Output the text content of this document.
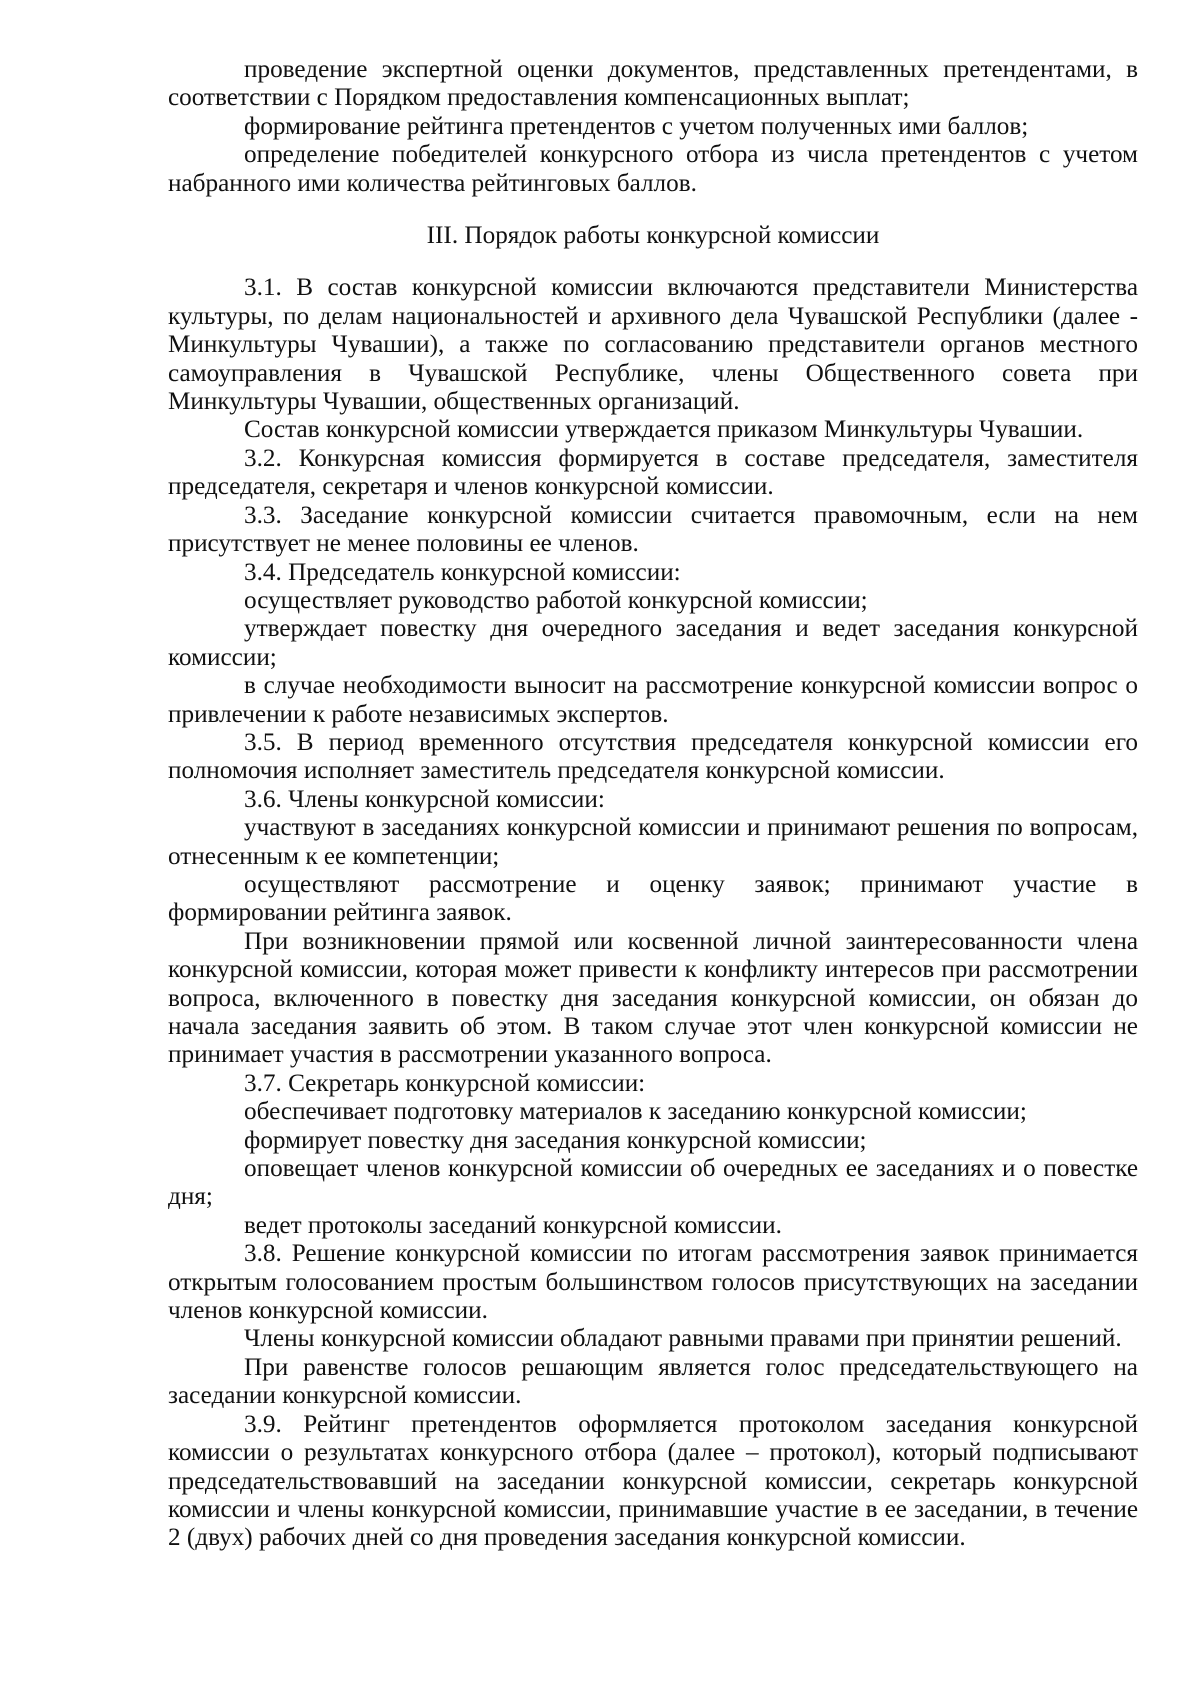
проведение экспертной оценки документов, представленных претендентами, в соответствии с Порядком предоставления компенсационных выплат;

формирование рейтинга претендентов с учетом полученных ими баллов;

определение победителей конкурсного отбора из числа претендентов с учетом набранного ими количества рейтинговых баллов.

III. Порядок работы конкурсной комиссии

3.1. В состав конкурсной комиссии включаются представители Министерства культуры, по делам национальностей и архивного дела Чувашской Республики (далее - Минкультуры Чувашии), а также по согласованию представители органов местного самоуправления в Чувашской Республике, члены Общественного совета при Минкультуры Чувашии, общественных организаций.

Состав конкурсной комиссии утверждается приказом Минкультуры Чувашии.

3.2. Конкурсная комиссия формируется в составе председателя, заместителя председателя, секретаря и членов конкурсной комиссии.

3.3. Заседание конкурсной комиссии считается правомочным, если на нем присутствует не менее половины ее членов.

3.4. Председатель конкурсной комиссии:

осуществляет руководство работой конкурсной комиссии;

утверждает повестку дня очередного заседания и ведет заседания конкурсной комиссии;

в случае необходимости выносит на рассмотрение конкурсной комиссии вопрос о привлечении к работе независимых экспертов.

3.5. В период временного отсутствия председателя конкурсной комиссии его полномочия исполняет заместитель председателя конкурсной комиссии.

3.6. Члены конкурсной комиссии:

участвуют в заседаниях конкурсной комиссии и принимают решения по вопросам, отнесенным к ее компетенции;

осуществляют рассмотрение и оценку заявок; принимают участие в формировании рейтинга заявок.

При возникновении прямой или косвенной личной заинтересованности члена конкурсной комиссии, которая может привести к конфликту интересов при рассмотрении вопроса, включенного в повестку дня заседания конкурсной комиссии, он обязан до начала заседания заявить об этом. В таком случае этот член конкурсной комиссии не принимает участия в рассмотрении указанного вопроса.

3.7. Секретарь конкурсной комиссии:

обеспечивает подготовку материалов к заседанию конкурсной комиссии;

формирует повестку дня заседания конкурсной комиссии;

оповещает членов конкурсной комиссии об очередных ее заседаниях и о повестке дня;

ведет протоколы заседаний конкурсной комиссии.

3.8. Решение конкурсной комиссии по итогам рассмотрения заявок принимается открытым голосованием простым большинством голосов присутствующих на заседании членов конкурсной комиссии.

Члены конкурсной комиссии обладают равными правами при принятии решений.

При равенстве голосов решающим является голос председательствующего на заседании конкурсной комиссии.

3.9. Рейтинг претендентов оформляется протоколом заседания конкурсной комиссии о результатах конкурсного отбора (далее – протокол), который подписывают председательствовавший на заседании конкурсной комиссии, секретарь конкурсной комиссии и члены конкурсной комиссии, принимавшие участие в ее заседании, в течение 2 (двух) рабочих дней со дня проведения заседания конкурсной комиссии.
